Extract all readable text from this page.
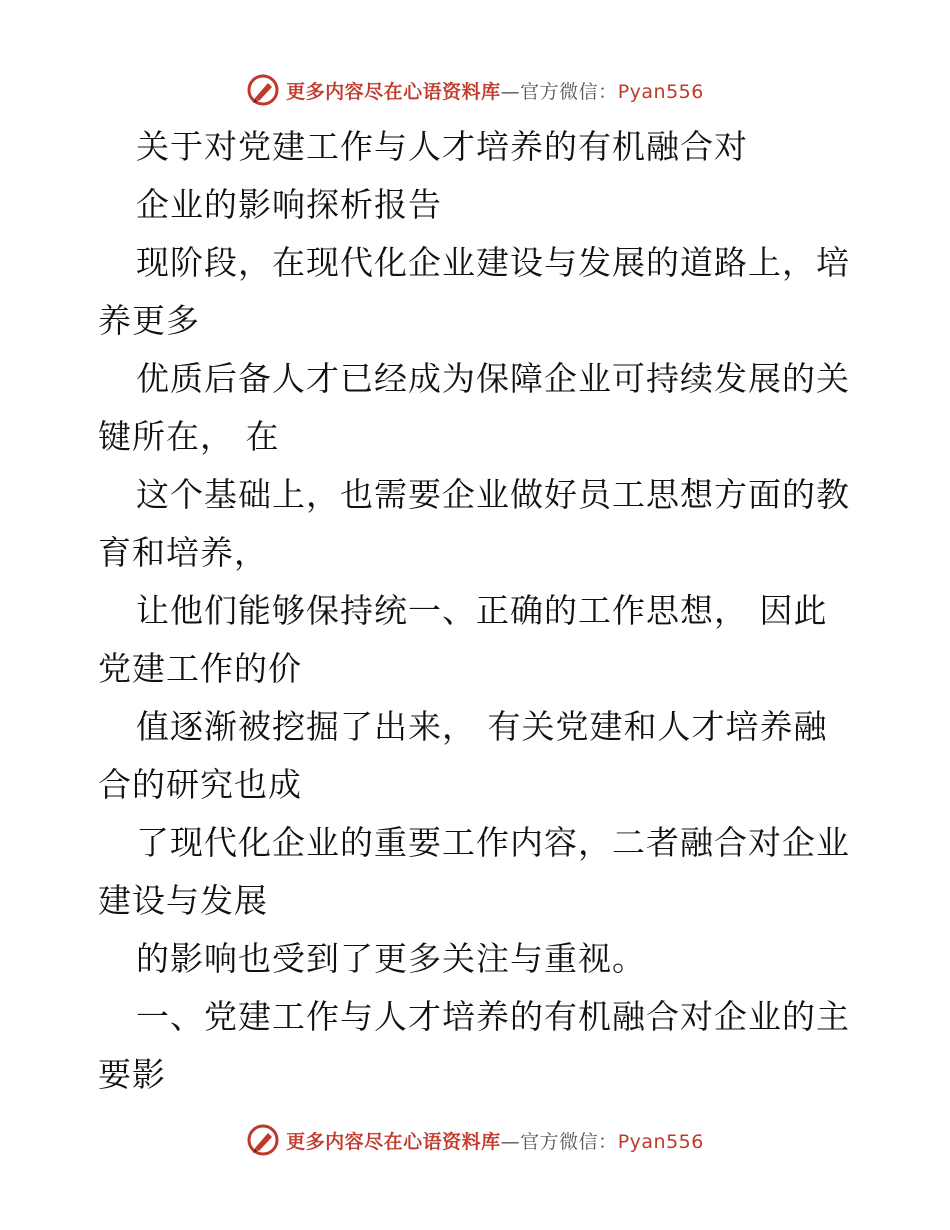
更多内容尽在心语资料库—官方微信：Pyan556
关于对党建工作与人才培养的有机融合对
企业的影响探析报告
现阶段，在现代化企业建设与发展的道路上，培
养更多
优质后备人才已经成为保障企业可持续发展的关
键所在， 在
这个基础上，也需要企业做好员工思想方面的教
育和培养，
让他们能够保持统一、正确的工作思想， 因此
党建工作的价
值逐渐被挖掘了出来， 有关党建和人才培养融
合的研究也成
了现代化企业的重要工作内容，二者融合对企业
建设与发展
的影响也受到了更多关注与重视。
一、党建工作与人才培养的有机融合对企业的主
要影
更多内容尽在心语资料库—官方微信：Pyan556
